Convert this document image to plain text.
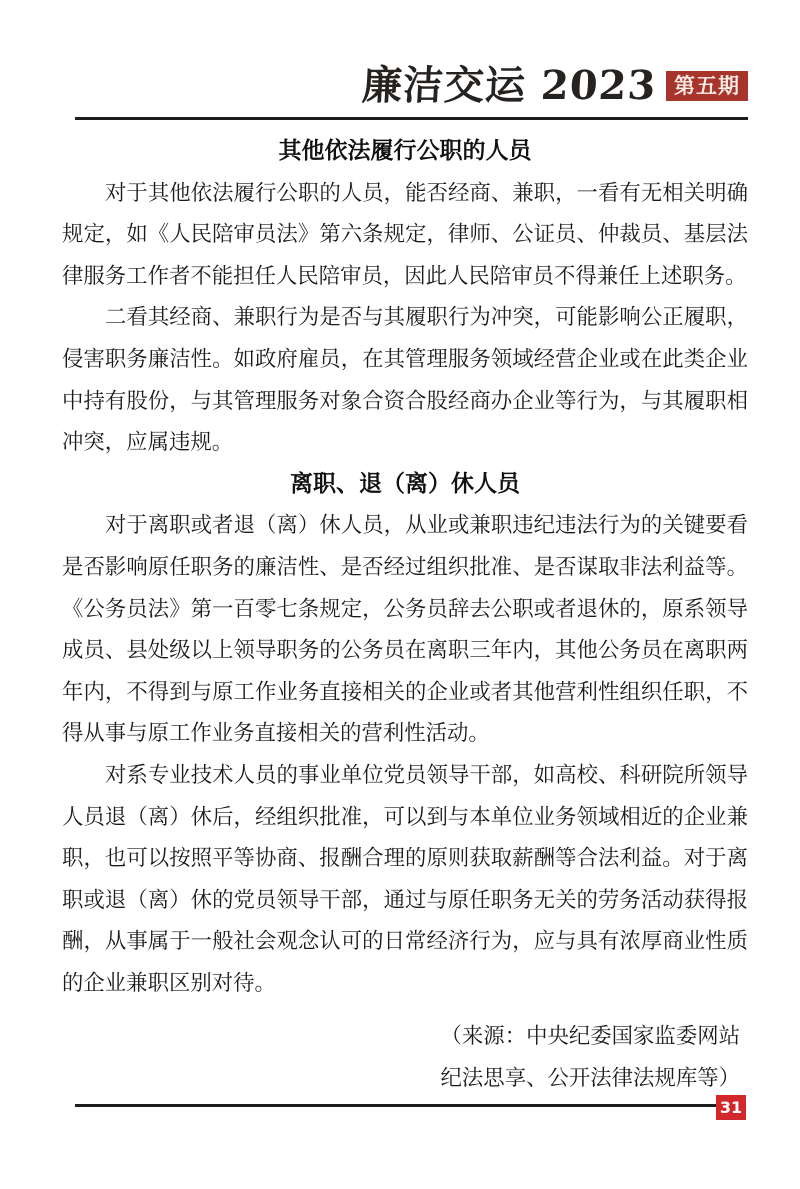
廉洁交运 2023 第五期
其他依法履行公职的人员

对于其他依法履行公职的人员，能否经商、兼职，一看有无相关明确规定，如《人民陪审员法》第六条规定，律师、公证员、仲裁员、基层法律服务工作者不能担任人民陪审员，因此人民陪审员不得兼任上述职务。

二看其经商、兼职行为是否与其履职行为冲突，可能影响公正履职，侵害职务廉洁性。如政府雇员，在其管理服务领域经营企业或在此类企业中持有股份，与其管理服务对象合资合股经商办企业等行为，与其履职相冲突，应属违规。

离职、退（离）休人员

对于离职或者退（离）休人员，从业或兼职违纪违法行为的关键要看是否影响原任职务的廉洁性、是否经过组织批准、是否谋取非法利益等。《公务员法》第一百零七条规定，公务员辞去公职或者退休的，原系领导成员、县处级以上领导职务的公务员在离职三年内，其他公务员在离职两年内，不得到与原工作业务直接相关的企业或者其他营利性组织任职，不得从事与原工作业务直接相关的营利性活动。

对系专业技术人员的事业单位党员领导干部，如高校、科研院所领导人员退（离）休后，经组织批准，可以到与本单位业务领域相近的企业兼职，也可以按照平等协商、报酬合理的原则获取薪酬等合法利益。对于离职或退（离）休的党员领导干部，通过与原任职务无关的劳务活动获得报酬，从事属于一般社会观念认可的日常经济行为，应与具有浓厚商业性质的企业兼职区别对待。

（来源：中央纪委国家监委网站
纪法思享、公开法律法规库等）
31
